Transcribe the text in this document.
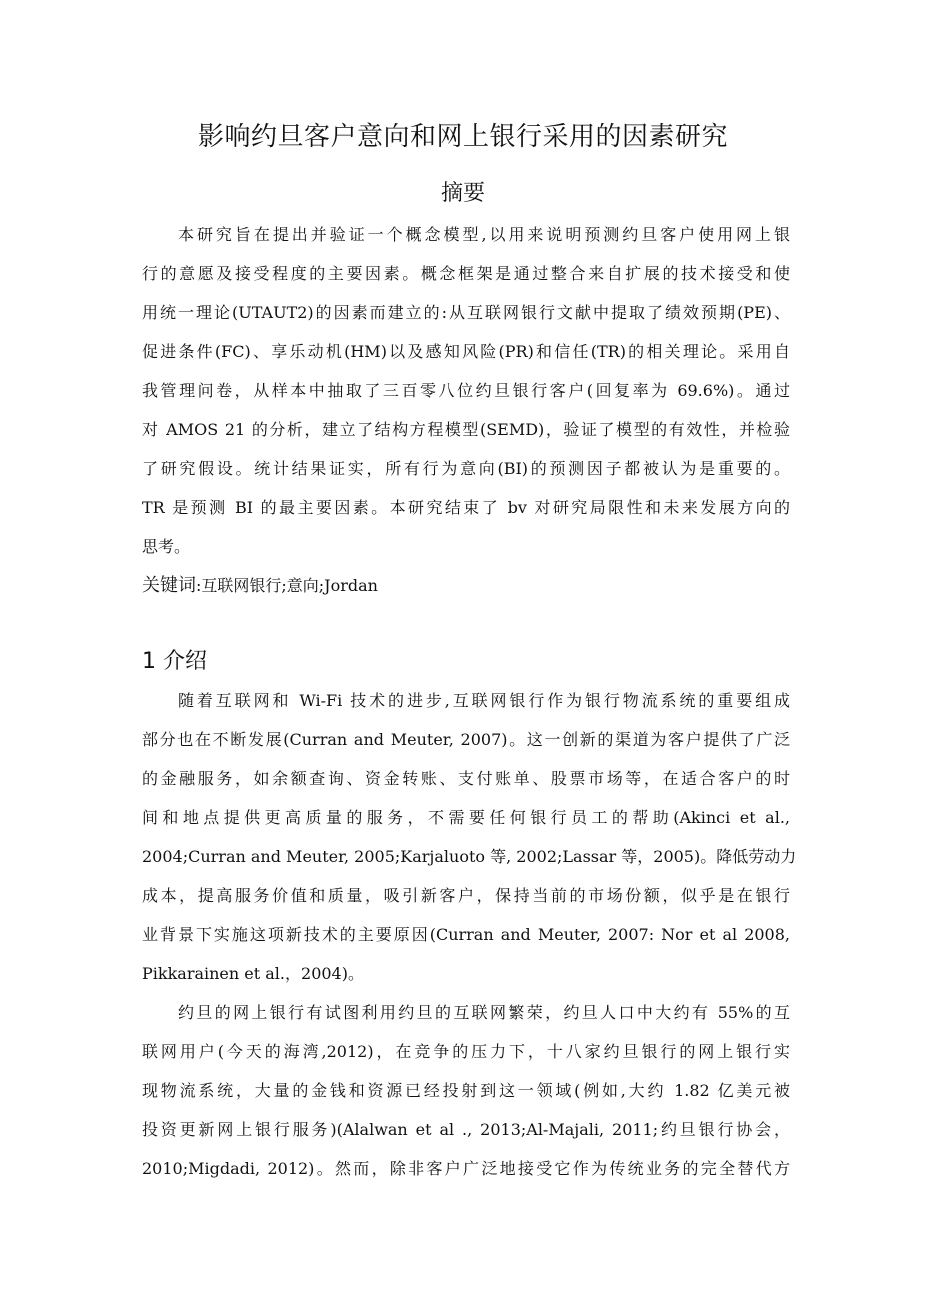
影响约旦客户意向和网上银行采用的因素研究
摘要
本研究旨在提出并验证一个概念模型,以用来说明预测约旦客户使用网上银
行的意愿及接受程度的主要因素。概念框架是通过整合来自扩展的技术接受和使
用统一理论(UTAUT2)的因素而建立的:从互联网银行文献中提取了绩效预期(PE)、
促进条件(FC)、享乐动机(HM)以及感知风险(PR)和信任(TR)的相关理论。采用自
我管理问卷，从样本中抽取了三百零八位约旦银行客户(回复率为 69.6%)。通过
对 AMOS 21 的分析，建立了结构方程模型(SEMD)，验证了模型的有效性，并检验
了研究假设。统计结果证实，所有行为意向(BI)的预测因子都被认为是重要的。
TR 是预测 BI 的最主要因素。本研究结束了 bv 对研究局限性和未来发展方向的
思考。

关键词:互联网银行;意向;Jordan

1 介绍
随着互联网和 Wi-Fi 技术的进步,互联网银行作为银行物流系统的重要组成
部分也在不断发展(Curran and Meuter, 2007)。这一创新的渠道为客户提供了广泛
的金融服务，如余额查询、资金转账、支付账单、股票市场等，在适合客户的时
间和地点提供更高质量的服务，不需要任何银行员工的帮助(Akinci et al.,
2004;Curran and Meuter, 2005;Karjaluoto 等, 2002;Lassar 等，2005)。降低劳动力
成本，提高服务价值和质量，吸引新客户，保持当前的市场份额，似乎是在银行
业背景下实施这项新技术的主要原因(Curran and Meuter, 2007: Nor et al 2008,
Pikkarainen et al.，2004)。
约旦的网上银行有试图利用约旦的互联网繁荣，约旦人口中大约有 55%的互
联网用户(今天的海湾,2012)，在竞争的压力下，十八家约旦银行的网上银行实
现物流系统，大量的金钱和资源已经投射到这一领域(例如,大约 1.82 亿美元被
投资更新网上银行服务)(Alalwan et al ., 2013;Al-Majali, 2011;约旦银行协会，
2010;Migdadi, 2012)。然而，除非客户广泛地接受它作为传统业务的完全替代方
